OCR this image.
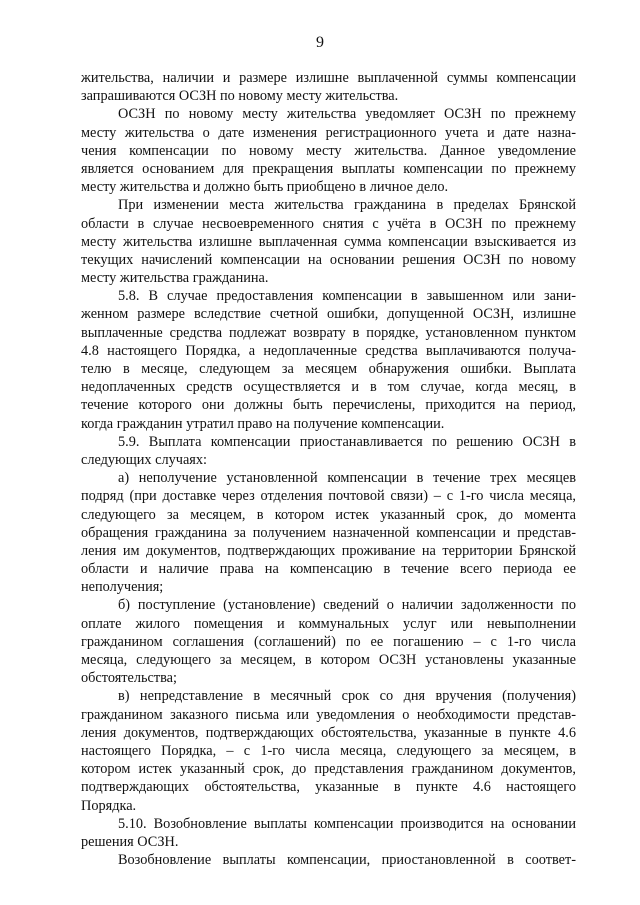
9
жительства, наличии и размере излишне выплаченной суммы компенсации
запрашиваются ОСЗН по новому месту жительства.
ОСЗН по новому месту жительства уведомляет ОСЗН по прежнему
месту жительства о дате изменения регистрационного учета и дате назна-
чения компенсации по новому месту жительства. Данное уведомление
является основанием для прекращения выплаты компенсации по прежнему
месту жительства и должно быть приобщено в личное дело.
При изменении места жительства гражданина в пределах Брянской
области в случае несвоевременного снятия с учёта в ОСЗН по прежнему
месту жительства излишне выплаченная сумма компенсации взыскивается из
текущих начислений компенсации на основании решения ОСЗН по новому
месту жительства гражданина.
5.8. В случае предоставления компенсации в завышенном или зани-
женном размере вследствие счетной ошибки, допущенной ОСЗН, излишне
выплаченные средства подлежат возврату в порядке, установленном пунктом
4.8 настоящего Порядка, а недоплаченные средства выплачиваются получа-
телю в месяце, следующем за месяцем обнаружения ошибки. Выплата
недоплаченных средств осуществляется и в том случае, когда месяц, в
течение которого они должны быть перечислены, приходится на период,
когда гражданин утратил право на получение компенсации.
5.9. Выплата компенсации приостанавливается по решению ОСЗН в
следующих случаях:
а) неполучение установленной компенсации в течение трех месяцев
подряд (при доставке через отделения почтовой связи) – с 1-го числа месяца,
следующего за месяцем, в котором истек указанный срок, до момента
обращения гражданина за получением назначенной компенсации и представ-
ления им документов, подтверждающих проживание на территории Брянской
области и наличие права на компенсацию в течение всего периода ее
неполучения;
б) поступление (установление) сведений о наличии задолженности по
оплате жилого помещения и коммунальных услуг или невыполнении
гражданином соглашения (соглашений) по ее погашению – с 1-го числа
месяца, следующего за месяцем, в котором ОСЗН установлены указанные
обстоятельства;
в) непредставление в месячный срок со дня вручения (получения)
гражданином заказного письма или уведомления о необходимости представ-
ления документов, подтверждающих обстоятельства, указанные в пункте 4.6
настоящего Порядка, – с 1-го числа месяца, следующего за месяцем, в
котором истек указанный срок, до представления гражданином документов,
подтверждающих обстоятельства, указанные в пункте 4.6 настоящего
Порядка.
5.10. Возобновление выплаты компенсации производится на основании
решения ОСЗН.
Возобновление выплаты компенсации, приостановленной в соответ-
